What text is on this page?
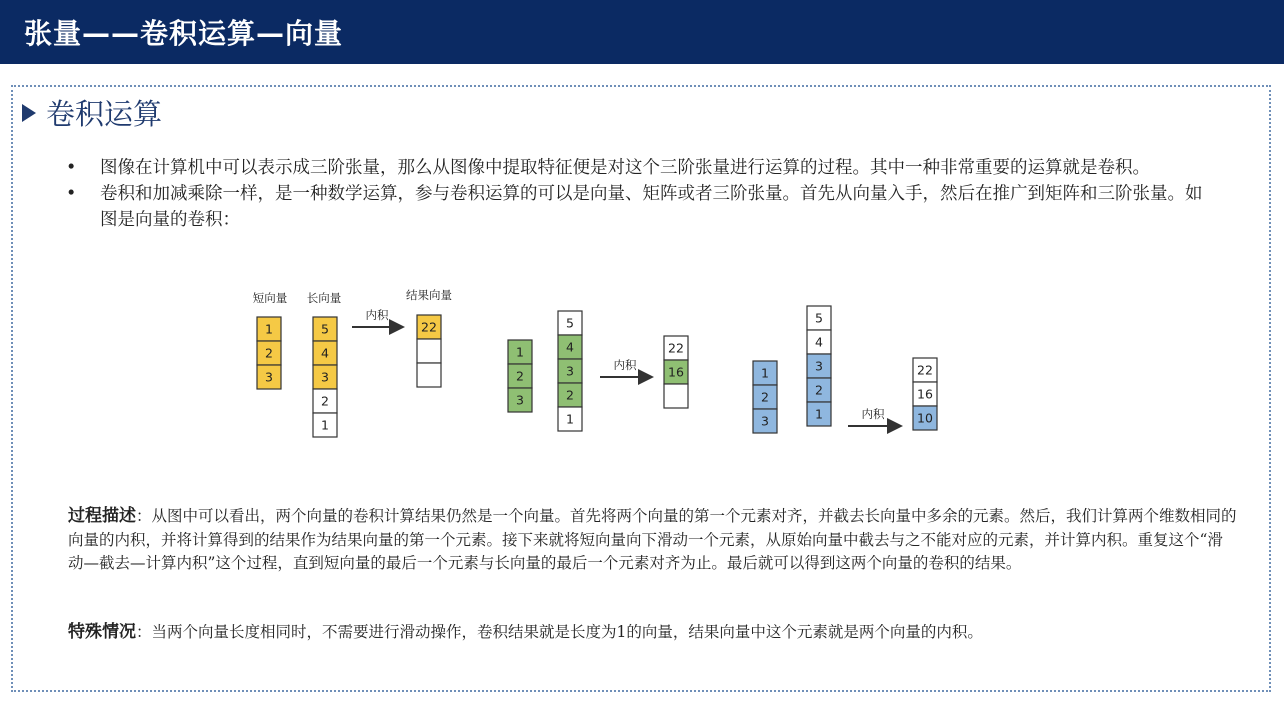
张量——卷积运算—向量
卷积运算
• 图像在计算机中可以表示成三阶张量，那么从图像中提取特征便是对这个三阶张量进行运算的过程。其中一种非常重要的运算就是卷积。
• 卷积和加减乘除一样，是一种数学运算，参与卷积运算的可以是向量、矩阵或者三阶张量。首先从向量入手，然后在推广到矩阵和三阶张量。如图是向量的卷积：
短向量 长向量	结果向量
1
2
3
5
4
3
2
1
22
内积
1
2
3
5
4
3
2
1
22
16
内积
1
2
3
5
4
3
2
1
22
16
10
内积
过程描述：从图中可以看出，两个向量的卷积计算结果仍然是一个向量。首先将两个向量的第一个元素对齐，并截去长向量中多余的元素。然后，我们计算两个维数相同的向量的内积，并将计算得到的结果作为结果向量的第一个元素。接下来就将短向量向下滑动一个元素，从原始向量中截去与之不能对应的元素，并计算内积。重复这个“滑动—截去—计算内积”这个过程，直到短向量的最后一个元素与长向量的最后一个元素对齐为止。最后就可以得到这两个向量的卷积的结果。
特殊情况：当两个向量长度相同时，不需要进行滑动操作，卷积结果就是长度为1的向量，结果向量中这个元素就是两个向量的内积。
